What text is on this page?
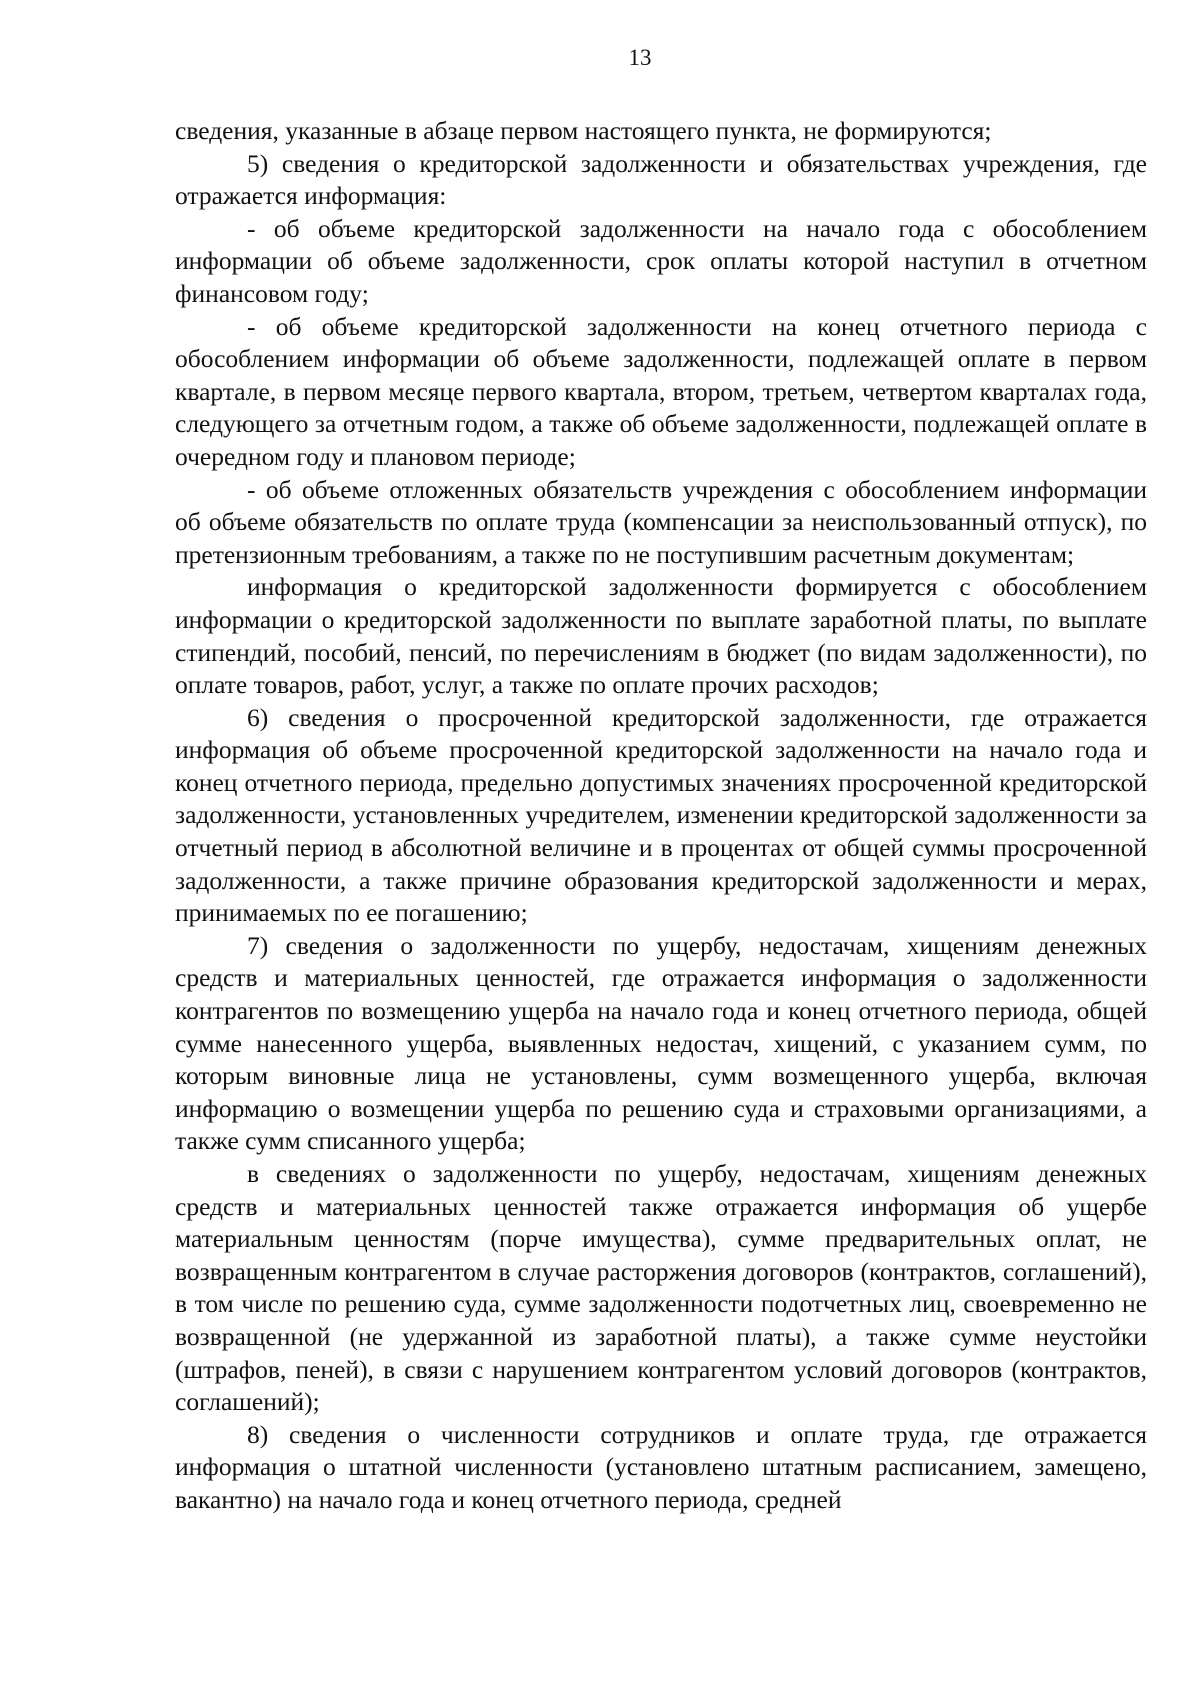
13

сведения, указанные в абзаце первом настоящего пункта, не формируются;

5) сведения о кредиторской задолженности и обязательствах учреждения, где отражается информация:

- об объеме кредиторской задолженности на начало года с обособлением информации об объеме задолженности, срок оплаты которой наступил в отчетном финансовом году;

- об объеме кредиторской задолженности на конец отчетного периода с обособлением информации об объеме задолженности, подлежащей оплате в первом квартале, в первом месяце первого квартала, втором, третьем, четвертом кварталах года, следующего за отчетным годом, а также об объеме задолженности, подлежащей оплате в очередном году и плановом периоде;

- об объеме отложенных обязательств учреждения с обособлением информации об объеме обязательств по оплате труда (компенсации за неиспользованный отпуск), по претензионным требованиям, а также по не поступившим расчетным документам;

информация о кредиторской задолженности формируется с обособлением информации о кредиторской задолженности по выплате заработной платы, по выплате стипендий, пособий, пенсий, по перечислениям в бюджет (по видам задолженности), по оплате товаров, работ, услуг, а также по оплате прочих расходов;

6) сведения о просроченной кредиторской задолженности, где отражается информация об объеме просроченной кредиторской задолженности на начало года и конец отчетного периода, предельно допустимых значениях просроченной кредиторской задолженности, установленных учредителем, изменении кредиторской задолженности за отчетный период в абсолютной величине и в процентах от общей суммы просроченной задолженности, а также причине образования кредиторской задолженности и мерах, принимаемых по ее погашению;

7) сведения о задолженности по ущербу, недостачам, хищениям денежных средств и материальных ценностей, где отражается информация о задолженности контрагентов по возмещению ущерба на начало года и конец отчетного периода, общей сумме нанесенного ущерба, выявленных недостач, хищений, с указанием сумм, по которым виновные лица не установлены, сумм возмещенного ущерба, включая информацию о возмещении ущерба по решению суда и страховыми организациями, а также сумм списанного ущерба;

в сведениях о задолженности по ущербу, недостачам, хищениям денежных средств и материальных ценностей также отражается информация об ущербе материальным ценностям (порче имущества), сумме предварительных оплат, не возвращенным контрагентом в случае расторжения договоров (контрактов, соглашений), в том числе по решению суда, сумме задолженности подотчетных лиц, своевременно не возвращенной (не удержанной из заработной платы), а также сумме неустойки (штрафов, пеней), в связи с нарушением контрагентом условий договоров (контрактов, соглашений);

8) сведения о численности сотрудников и оплате труда, где отражается информация о штатной численности (установлено штатным расписанием, замещено, вакантно) на начало года и конец отчетного периода, средней
